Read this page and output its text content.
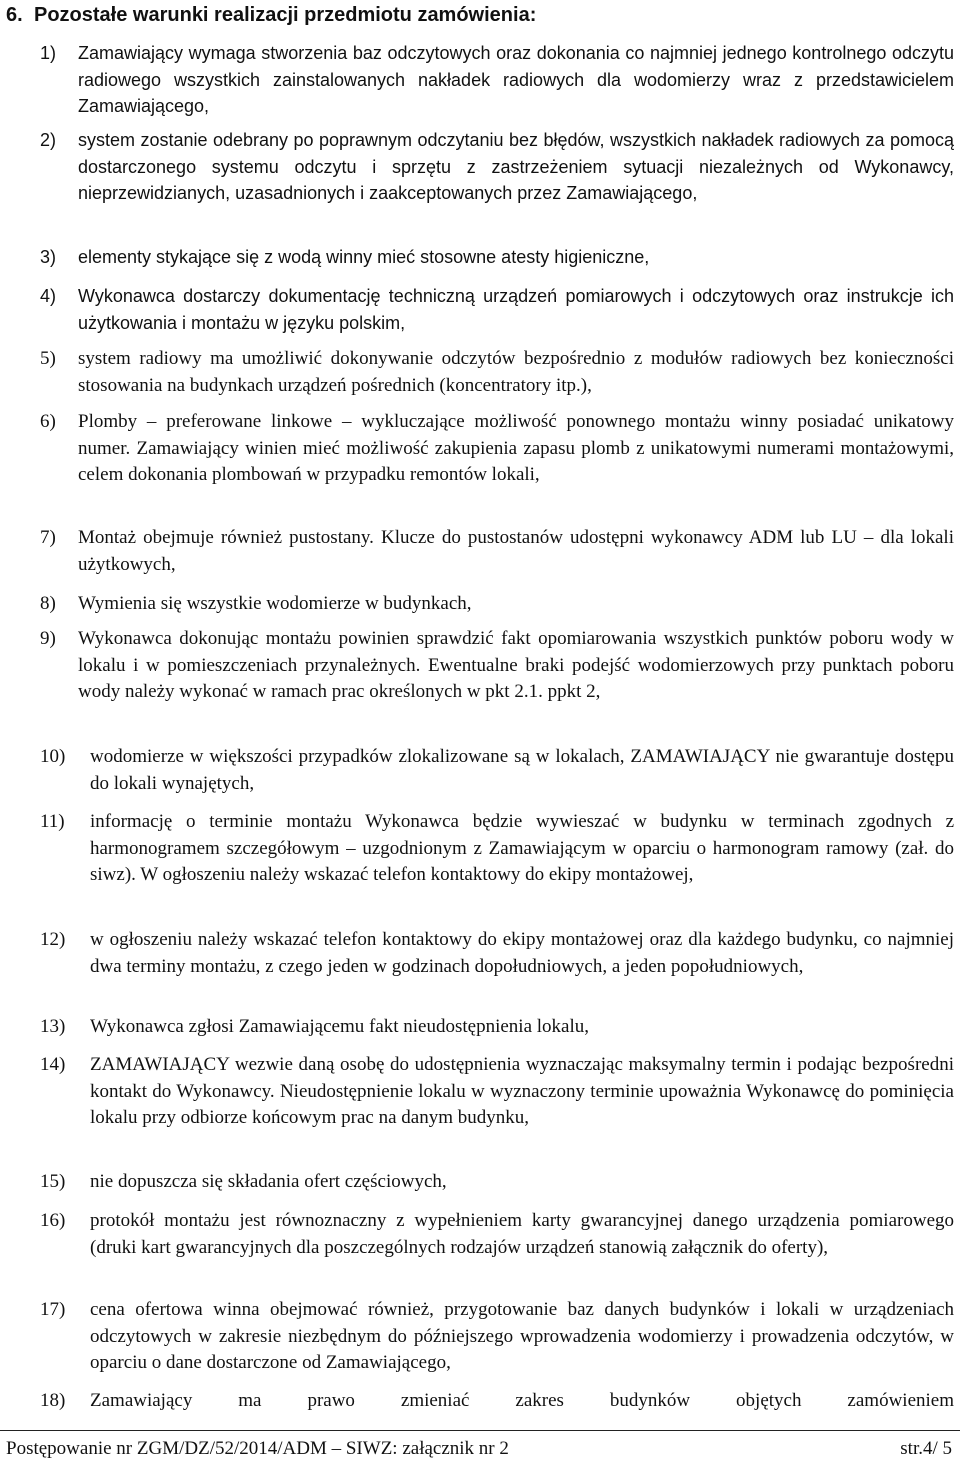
6. Pozostałe warunki realizacji przedmiotu zamówienia:
1)	Zamawiający wymaga stworzenia baz odczytowych oraz dokonania co najmniej jednego kontrolnego odczytu radiowego wszystkich zainstalowanych nakładek radiowych dla wodomierzy wraz z przedstawicielem Zamawiającego,
2)	system zostanie odebrany po poprawnym odczytaniu bez błędów, wszystkich nakładek radiowych za pomocą dostarczonego systemu odczytu i sprzętu z zastrzeżeniem sytuacji niezależnych od Wykonawcy, nieprzewidzianych, uzasadnionych i zaakceptowanych przez Zamawiającego,
3)	elementy stykające się z wodą winny mieć stosowne atesty higieniczne,
4)	Wykonawca dostarczy dokumentację techniczną urządzeń pomiarowych i odczytowych oraz instrukcje ich użytkowania i montażu w języku polskim,
5)	system radiowy ma umożliwić dokonywanie odczytów bezpośrednio z modułów radiowych bez konieczności stosowania na budynkach urządzeń pośrednich (koncentratory itp.),
6)	Plomby – preferowane linkowe – wykluczające możliwość ponownego montażu winny posiadać unikatowy numer. Zamawiający winien mieć możliwość zakupienia zapasu plomb z unikatowymi numerami montażowymi, celem dokonania plombowań w przypadku remontów lokali,
7)	Montaż obejmuje również pustostany. Klucze do pustostanów udostępni wykonawcy ADM lub LU – dla lokali użytkowych,
8)	Wymienia się wszystkie wodomierze w budynkach,
9)	Wykonawca dokonując montażu powinien sprawdzić fakt opomiarowania wszystkich punktów poboru wody w lokalu i w pomieszczeniach przynależnych. Ewentualne braki podejść wodomierzowych przy punktach poboru wody należy wykonać w ramach prac określonych w pkt 2.1. ppkt 2,
10)	wodomierze w większości przypadków zlokalizowane są w lokalach, ZAMAWIAJĄCY nie gwarantuje dostępu do lokali wynajętych,
11)	informację o terminie montażu Wykonawca będzie wywieszać w budynku w terminach zgodnych z harmonogramem szczegółowym – uzgodnionym z Zamawiającym w oparciu o harmonogram ramowy (zał. do siwz). W ogłoszeniu należy wskazać telefon kontaktowy do ekipy montażowej,
12)	w ogłoszeniu należy wskazać telefon kontaktowy do ekipy montażowej oraz dla każdego budynku, co najmniej dwa terminy montażu, z czego jeden w godzinach dopołudniowych, a jeden popołudniowych,
13)	Wykonawca zgłosi Zamawiającemu fakt nieudostępnienia lokalu,
14)	ZAMAWIAJĄCY wezwie daną osobę do udostępnienia wyznaczając maksymalny termin i podając bezpośredni kontakt do Wykonawcy. Nieudostępnienie lokalu w wyznaczony terminie upoważnia Wykonawcę do pominięcia lokalu przy odbiorze końcowym prac na danym budynku,
15)	nie dopuszcza się składania ofert częściowych,
16)	protokół montażu jest równoznaczny z wypełnieniem karty gwarancyjnej danego urządzenia pomiarowego (druki kart gwarancyjnych dla poszczególnych rodzajów urządzeń stanowią załącznik do oferty),
17)	cena ofertowa winna obejmować również, przygotowanie baz danych budynków i lokali w urządzeniach odczytowych w zakresie niezbędnym do późniejszego wprowadzenia wodomierzy i prowadzenia odczytów, w oparciu o dane dostarczone od Zamawiającego,
18)	Zamawiający ma prawo zmieniać zakres budynków objętych zamówieniem
Postępowanie nr ZGM/DZ/52/2014/ADM – SIWZ: załącznik nr 2	str.4/ 5
